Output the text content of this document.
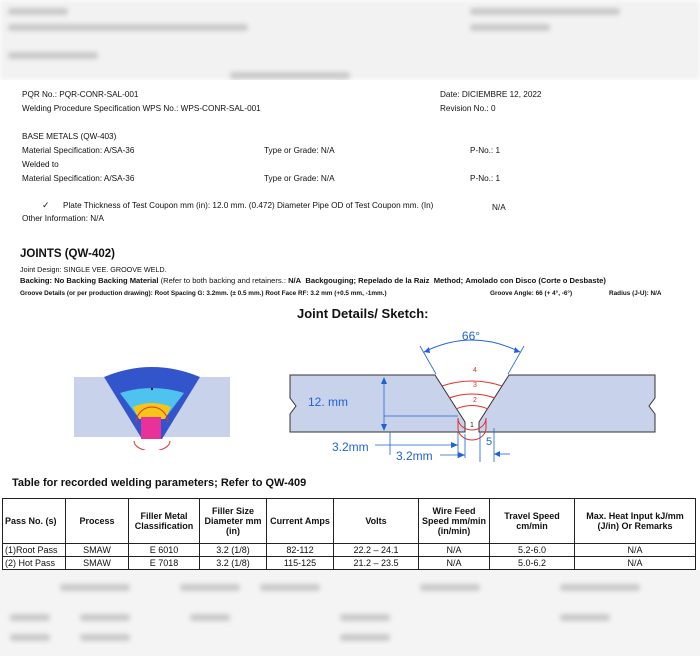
PQR No.: PQR-CONR-SAL-001
Welding Procedure Specification WPS No.: WPS-CONR-SAL-001
Date: DICIEMBRE 12, 2022
Revision No.: 0
BASE METALS (QW-403)
Material Specification: A/SA-36	Type or Grade: N/A	P-No.: 1
Welded to
Material Specification: A/SA-36	Type or Grade: N/A	P-No.: 1
✓ Plate Thickness of Test Coupon mm (in): 12.0 mm. (0.472) Diameter Pipe OD of Test Coupon mm. (In)	N/A
Other Information: N/A
JOINTS (QW-402)
Joint Design: SINGLE VEE. GROOVE WELD.
Backing: No Backing Backing Material (Refer to both backing and retainers.: N/A Backgouging; Repelado de la Raiz Method; Amolado con Disco (Corte o Desbaste)
Groove Details (or per production drawing): Root Spacing G: 3.2mm. (± 0.5 mm.) Root Face RF: 3.2 mm (+0.5 mm, -1mm.)	Groove Angle: 66 (+ 4°, -6°)	Radius (J-U): N/A
Joint Details/ Sketch:
4
3
2
1
66°
12. mm
3.2mm
3.2mm
5
Table for recorded welding parameters; Refer to QW-409
Pass No. (s)	Process	Filler Metal Classification	Filler Size Diameter mm (in)	Current Amps	Volts	Wire Feed Speed mm/min (in/min)	Travel Speed cm/min	Max. Heat Input kJ/mm (J/in) Or Remarks
(1)Root Pass	SMAW	E 6010	3.2 (1/8)	82-112	22.2 – 24.1	N/A	5.2-6.0	N/A
(2) Hot Pass	SMAW	E 7018	3.2 (1/8)	115-125	21.2 – 23.5	N/A	5.0-6.2	N/A
